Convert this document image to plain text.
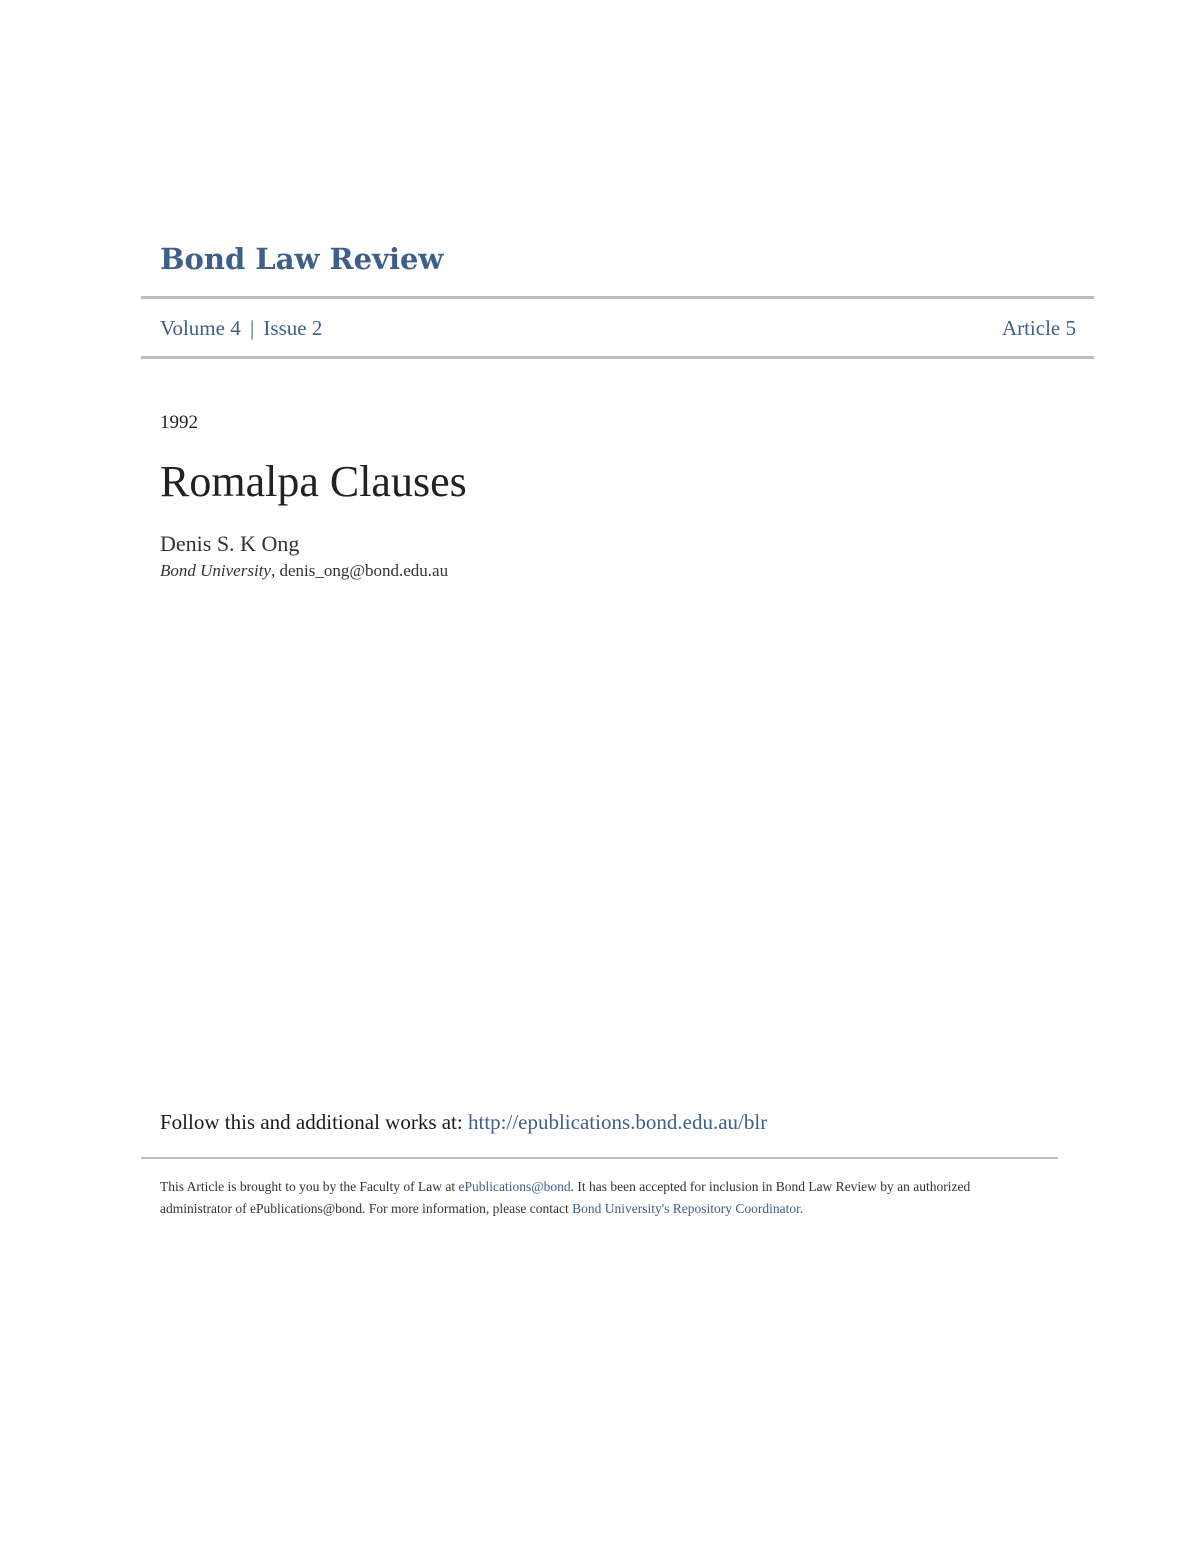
Bond Law Review
Volume 4 | Issue 2	Article 5
1992
Romalpa Clauses
Denis S. K Ong
Bond University, denis_ong@bond.edu.au
Follow this and additional works at: http://epublications.bond.edu.au/blr
This Article is brought to you by the Faculty of Law at ePublications@bond. It has been accepted for inclusion in Bond Law Review by an authorized administrator of ePublications@bond. For more information, please contact Bond University's Repository Coordinator.
